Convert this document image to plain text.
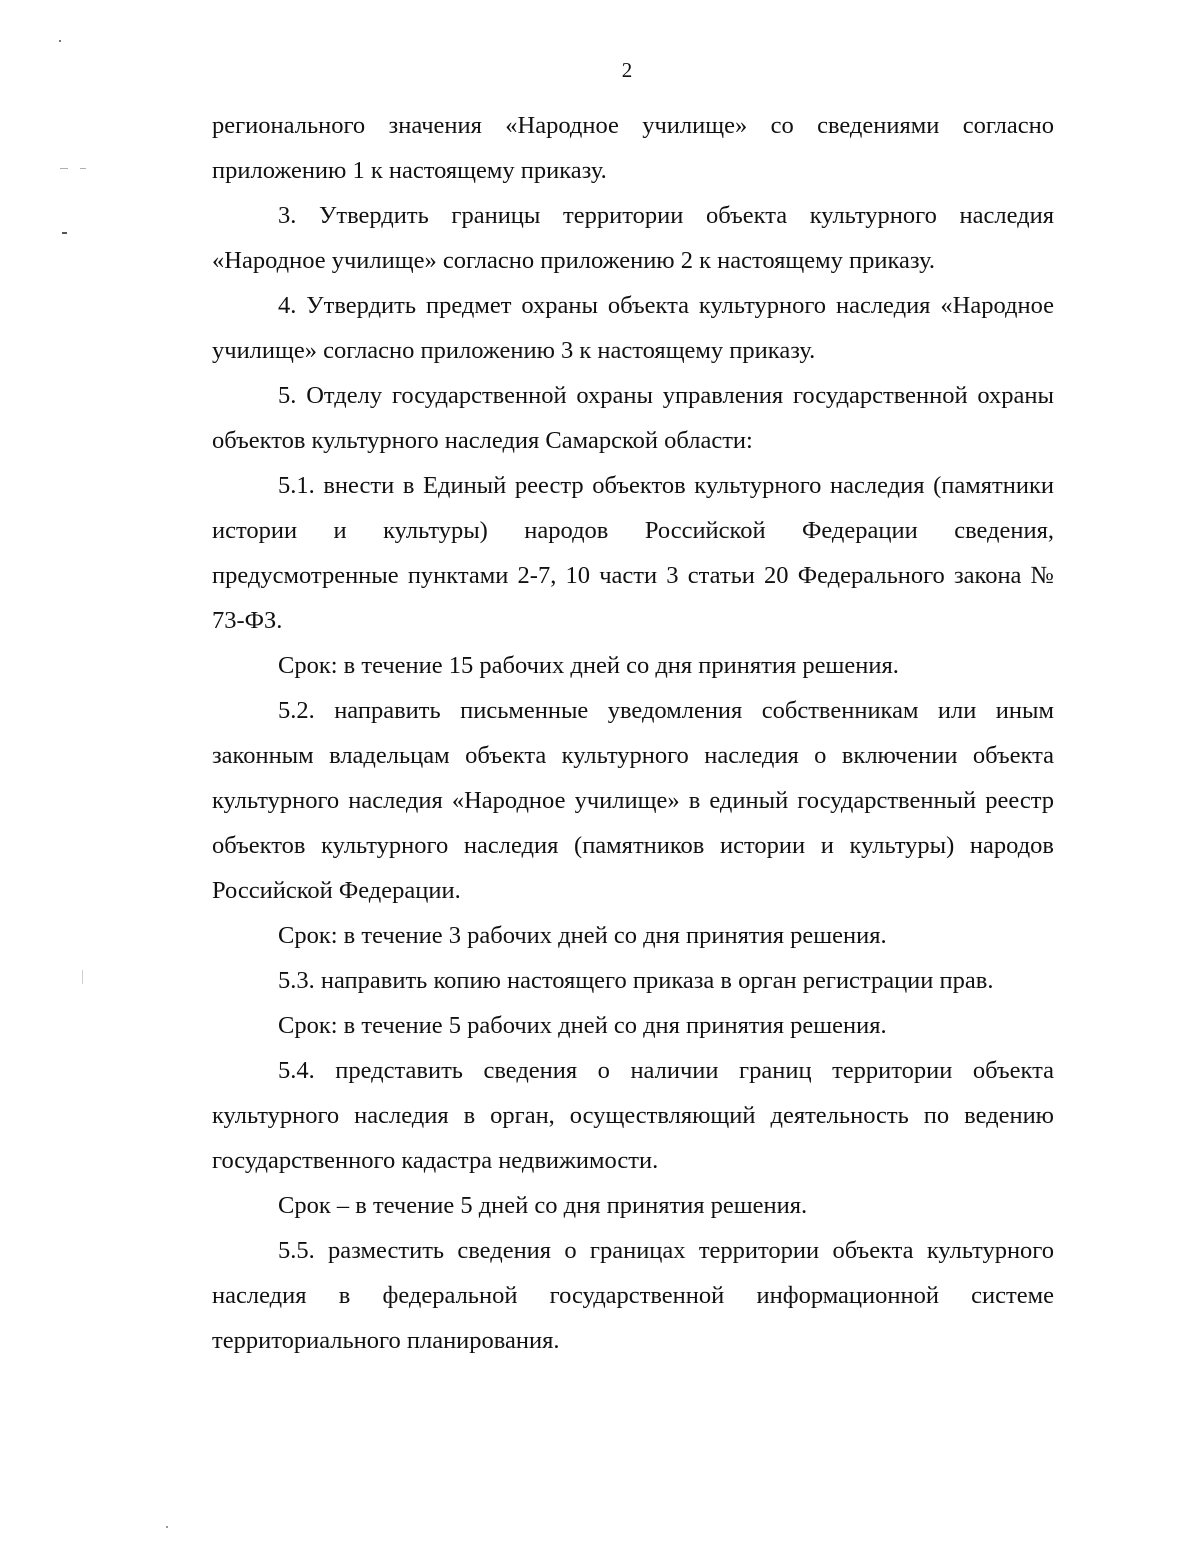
2

регионального значения «Народное училище» со сведениями согласно приложению 1 к настоящему приказу.

3. Утвердить границы территории объекта культурного наследия «Народное училище» согласно приложению 2 к настоящему приказу.

4. Утвердить предмет охраны объекта культурного наследия «Народное училище» согласно приложению 3 к настоящему приказу.

5. Отделу государственной охраны управления государственной охраны объектов культурного наследия Самарской области:

5.1. внести в Единый реестр объектов культурного наследия (памятники истории и культуры) народов Российской Федерации сведения, предусмотренные пунктами 2-7, 10 части 3 статьи 20 Федерального закона № 73-ФЗ.

Срок: в течение 15 рабочих дней со дня принятия решения.

5.2. направить письменные уведомления собственникам или иным законным владельцам объекта культурного наследия о включении объекта культурного наследия «Народное училище» в единый государственный реестр объектов культурного наследия (памятников истории и культуры) народов Российской Федерации.

Срок: в течение 3 рабочих дней со дня принятия решения.

5.3. направить копию настоящего приказа в орган регистрации прав.

Срок: в течение 5 рабочих дней со дня принятия решения.

5.4. представить сведения о наличии границ территории объекта культурного наследия в орган, осуществляющий деятельность по ведению государственного кадастра недвижимости.

Срок – в течение 5 дней со дня принятия решения.

5.5. разместить сведения о границах территории объекта культурного наследия в федеральной государственной информационной системе территориального планирования.
